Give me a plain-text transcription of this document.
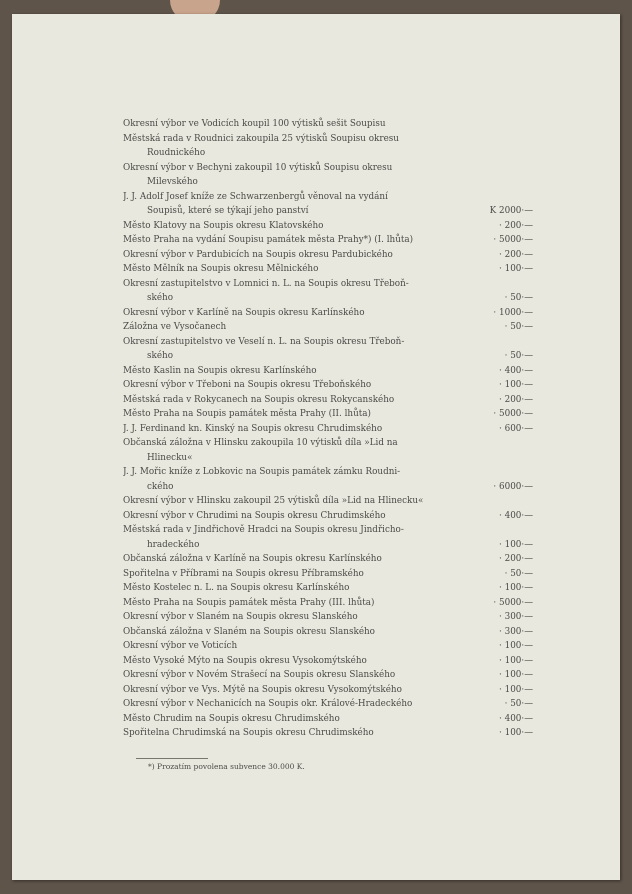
Okresní výbor ve Vodicích koupil 100 výtisků sešit Soupisu
Městská rada v Roudnici zakoupila 25 výtisků Soupisu okresu
Roudnického
Okresní výbor v Bechyni zakoupil 10 výtisků Soupisu okresu
Milevského
J. J. Adolf Josef kníže ze Schwarzenbergů věnoval na vydání
Soupisů, které se týkají jeho panství	K 2000·—
Město Klatovy na Soupis okresu Klatovského	· 200·—
Město Praha na vydání Soupisu památek města Prahy*) (I. lhůta)	· 5000·—
Okresní výbor v Pardubicích na Soupis okresu Pardubického	· 200·—
Město Mělník na Soupis okresu Mělnického	· 100·—
Okresní zastupitelstvo v Lomnici n. L. na Soupis okresu Třeboň-
ského	· 50·—
Okresní výbor v Karlíně na Soupis okresu Karlínského	· 1000·—
Záložna ve Vysočanech	· 50·—
Okresní zastupitelstvo ve Veselí n. L. na Soupis okresu Třeboň-
ského	· 50·—
Město Kaslin na Soupis okresu Karlínského	· 400·—
Okresní výbor v Třeboni na Soupis okresu Třeboňského	· 100·—
Městská rada v Rokycanech na Soupis okresu Rokycanského	· 200·—
Město Praha na Soupis památek města Prahy (II. lhůta)	· 5000·—
J. J. Ferdinand kn. Kinský na Soupis okresu Chrudimského	· 600·—
Občanská záložna v Hlinsku zakoupila 10 výtisků díla »Lid na
Hlinecku«
J. J. Mořic kníže z Lobkovic na Soupis památek zámku Roudni-
ckého	· 6000·—
Okresní výbor v Hlinsku zakoupil 25 výtisků díla »Lid na Hlinecku«
Okresní výbor v Chrudimi na Soupis okresu Chrudimského	· 400·—
Městská rada v Jindřichově Hradci na Soupis okresu Jindřicho-
hradeckého	· 100·—
Občanská záložna v Karlíně na Soupis okresu Karlínského	· 200·—
Spořitelna v Příbrami na Soupis okresu Příbramského	· 50·—
Město Kostelec n. L. na Soupis okresu Karlínského	· 100·—
Město Praha na Soupis památek města Prahy (III. lhůta)	· 5000·—
Okresní výbor v Slaném na Soupis okresu Slanského	· 300·—
Občanská záložna v Slaném na Soupis okresu Slanského	· 300·—
Okresní výbor ve Voticích	· 100·—
Město Vysoké Mýto na Soupis okresu Vysokomýtského	· 100·—
Okresní výbor v Novém Strašecí na Soupis okresu Slanského	· 100·—
Okresní výbor ve Vys. Mýtě na Soupis okresu Vysokomýtského	· 100·—
Okresní výbor v Nechanicích na Soupis okr. Králové-Hradeckého	· 50·—
Město Chrudim na Soupis okresu Chrudimského	· 400·—
Spořitelna Chrudimská na Soupis okresu Chrudimského	· 100·—
*) Prozatím povolena subvence 30.000 K.
